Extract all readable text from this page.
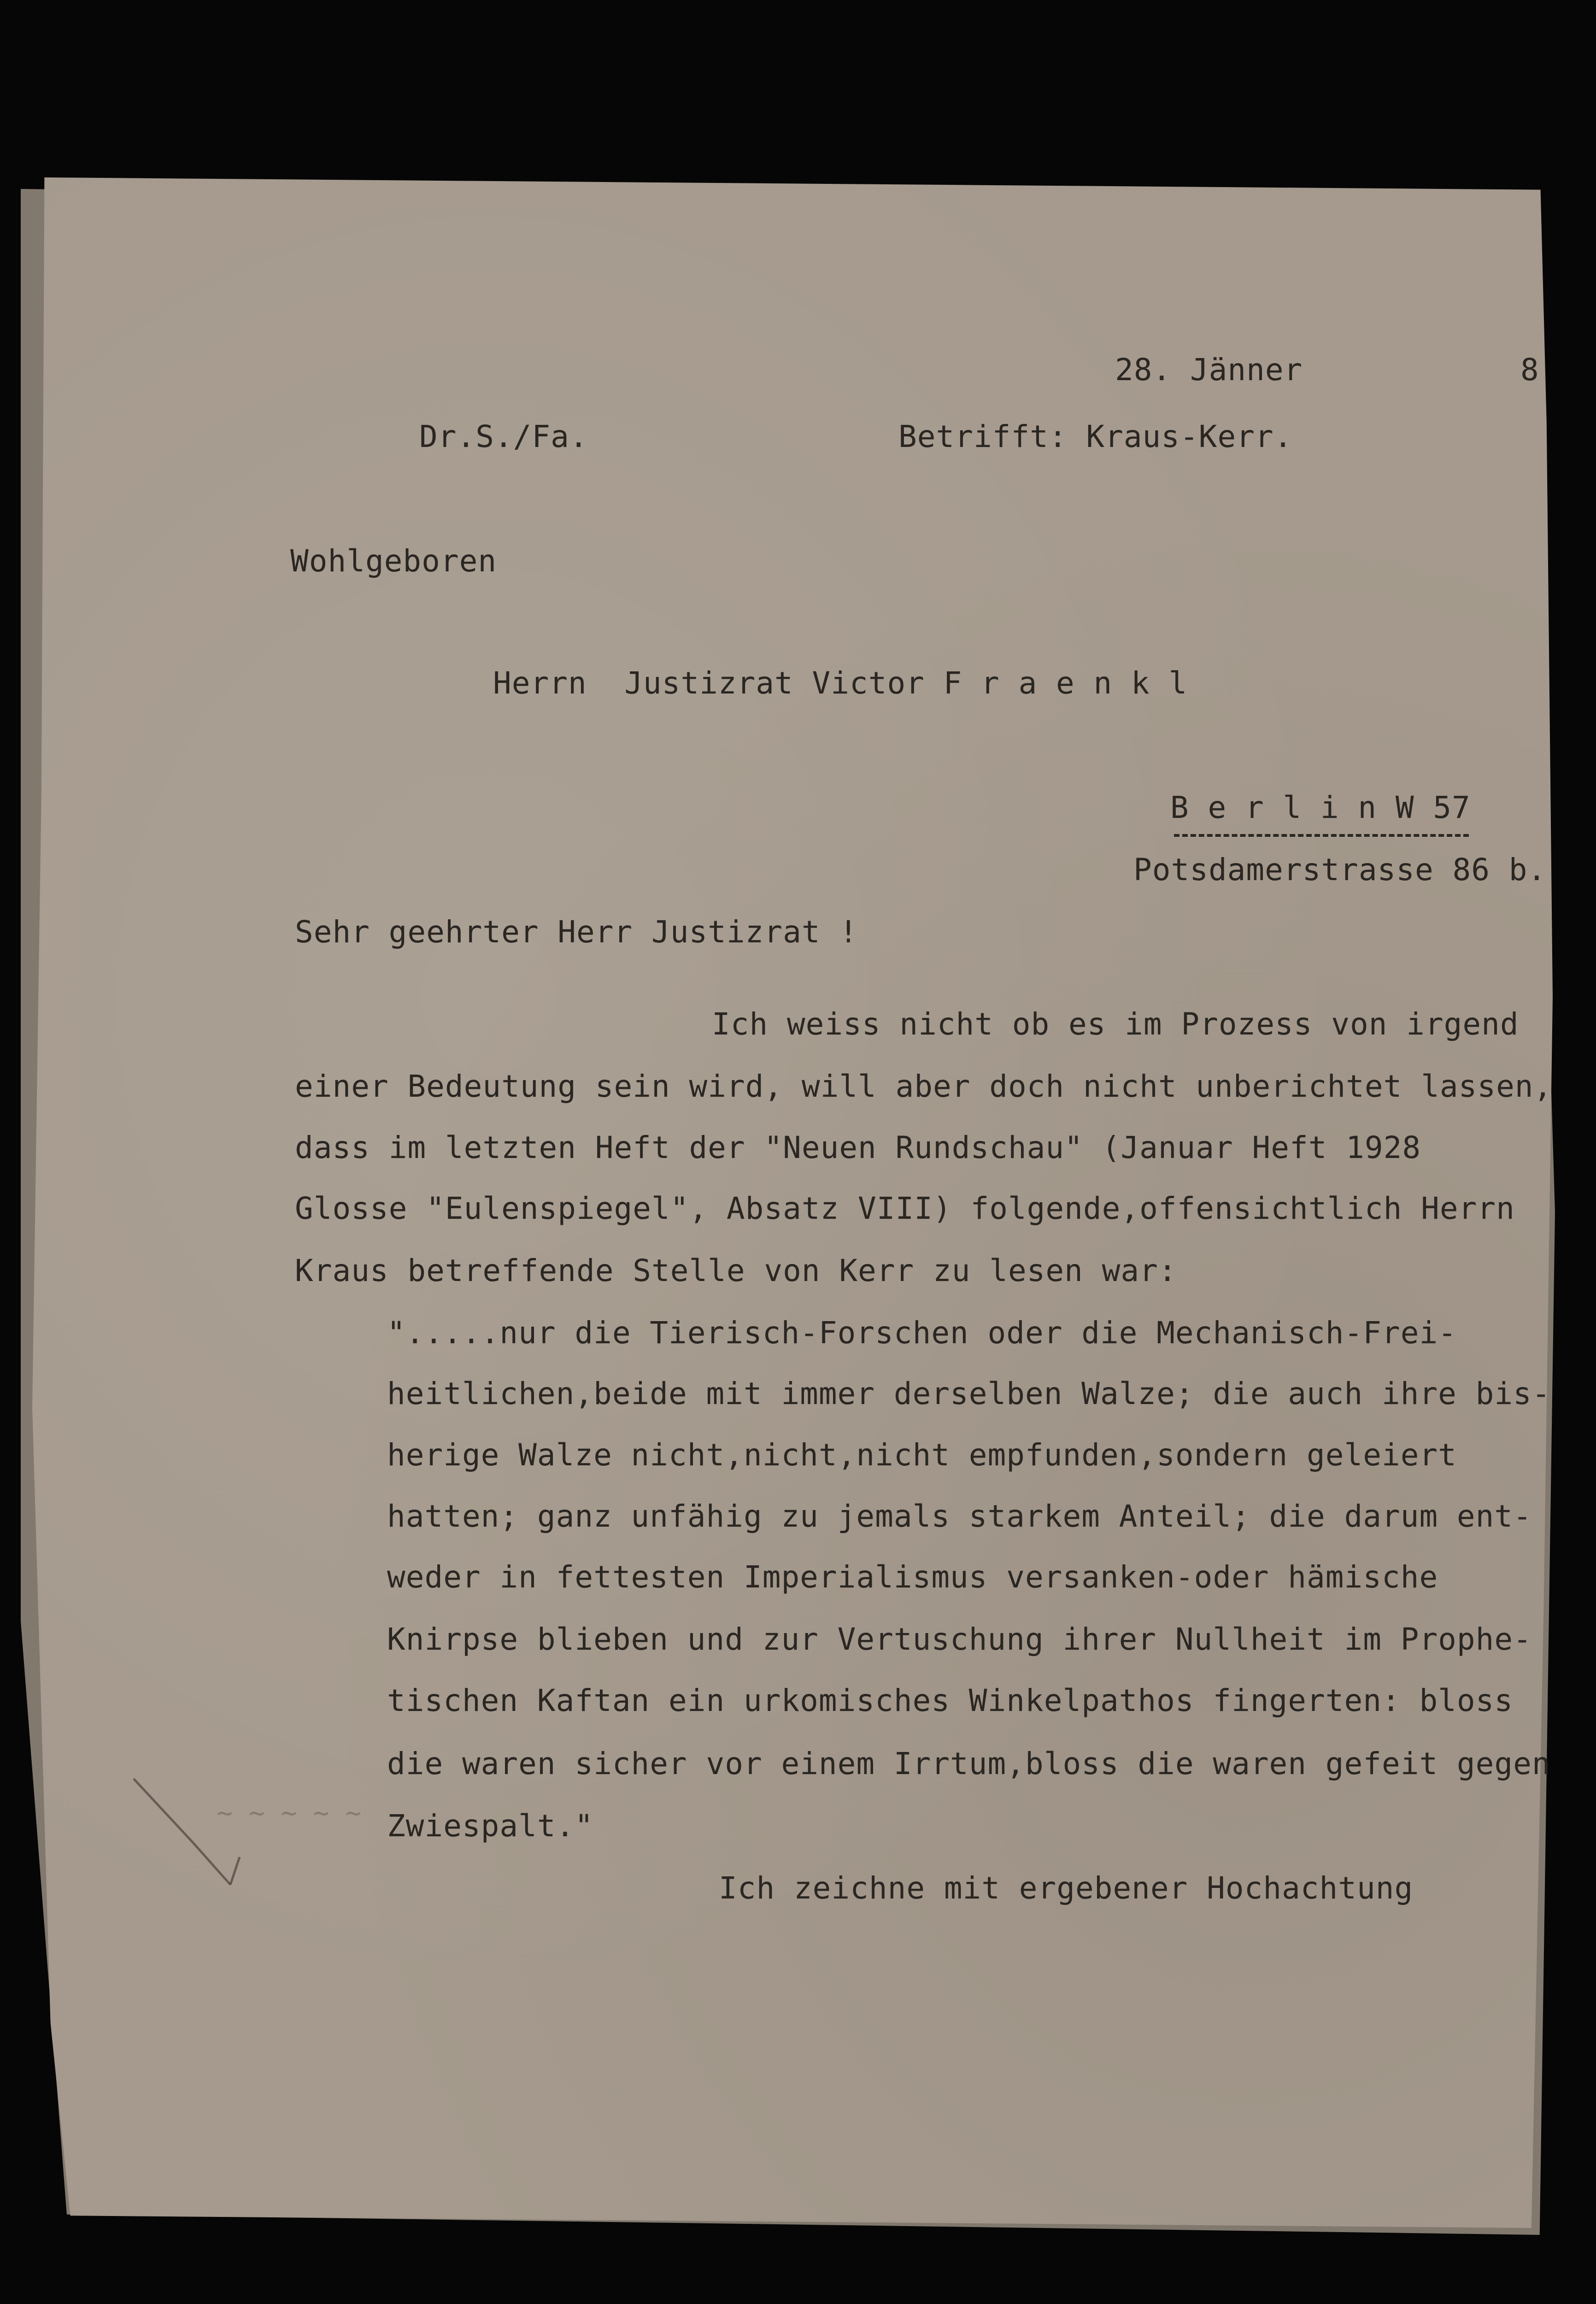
~ ~ ~ ~ ~
28. Jänner	8
Dr.S./Fa.	Betrifft: Kraus-Kerr.
Wohlgeboren
Herrn  Justizrat Victor F r a e n k l
B e r l i n W 57
Potsdamerstrasse 86 b.
Sehr geehrter Herr Justizrat !
Ich weiss nicht ob es im Prozess von irgend
einer Bedeutung sein wird, will aber doch nicht unberichtet lassen,
dass im letzten Heft der "Neuen Rundschau" (Januar Heft 1928
Glosse "Eulenspiegel", Absatz VIII) folgende,offensichtlich Herrn
Kraus betreffende Stelle von Kerr zu lesen war:
".....nur die Tierisch-Forschen oder die Mechanisch-Frei-
heitlichen,beide mit immer derselben Walze; die auch ihre bis-
herige Walze nicht,nicht,nicht empfunden,sondern geleiert
hatten; ganz unfähig zu jemals starkem Anteil; die darum ent-
weder in fettesten Imperialismus versanken-oder hämische
Knirpse blieben und zur Vertuschung ihrer Nullheit im Prophe-
tischen Kaftan ein urkomisches Winkelpathos fingerten: bloss
die waren sicher vor einem Irrtum,bloss die waren gefeit gegen
Zwiespalt."
Ich zeichne mit ergebener Hochachtung
